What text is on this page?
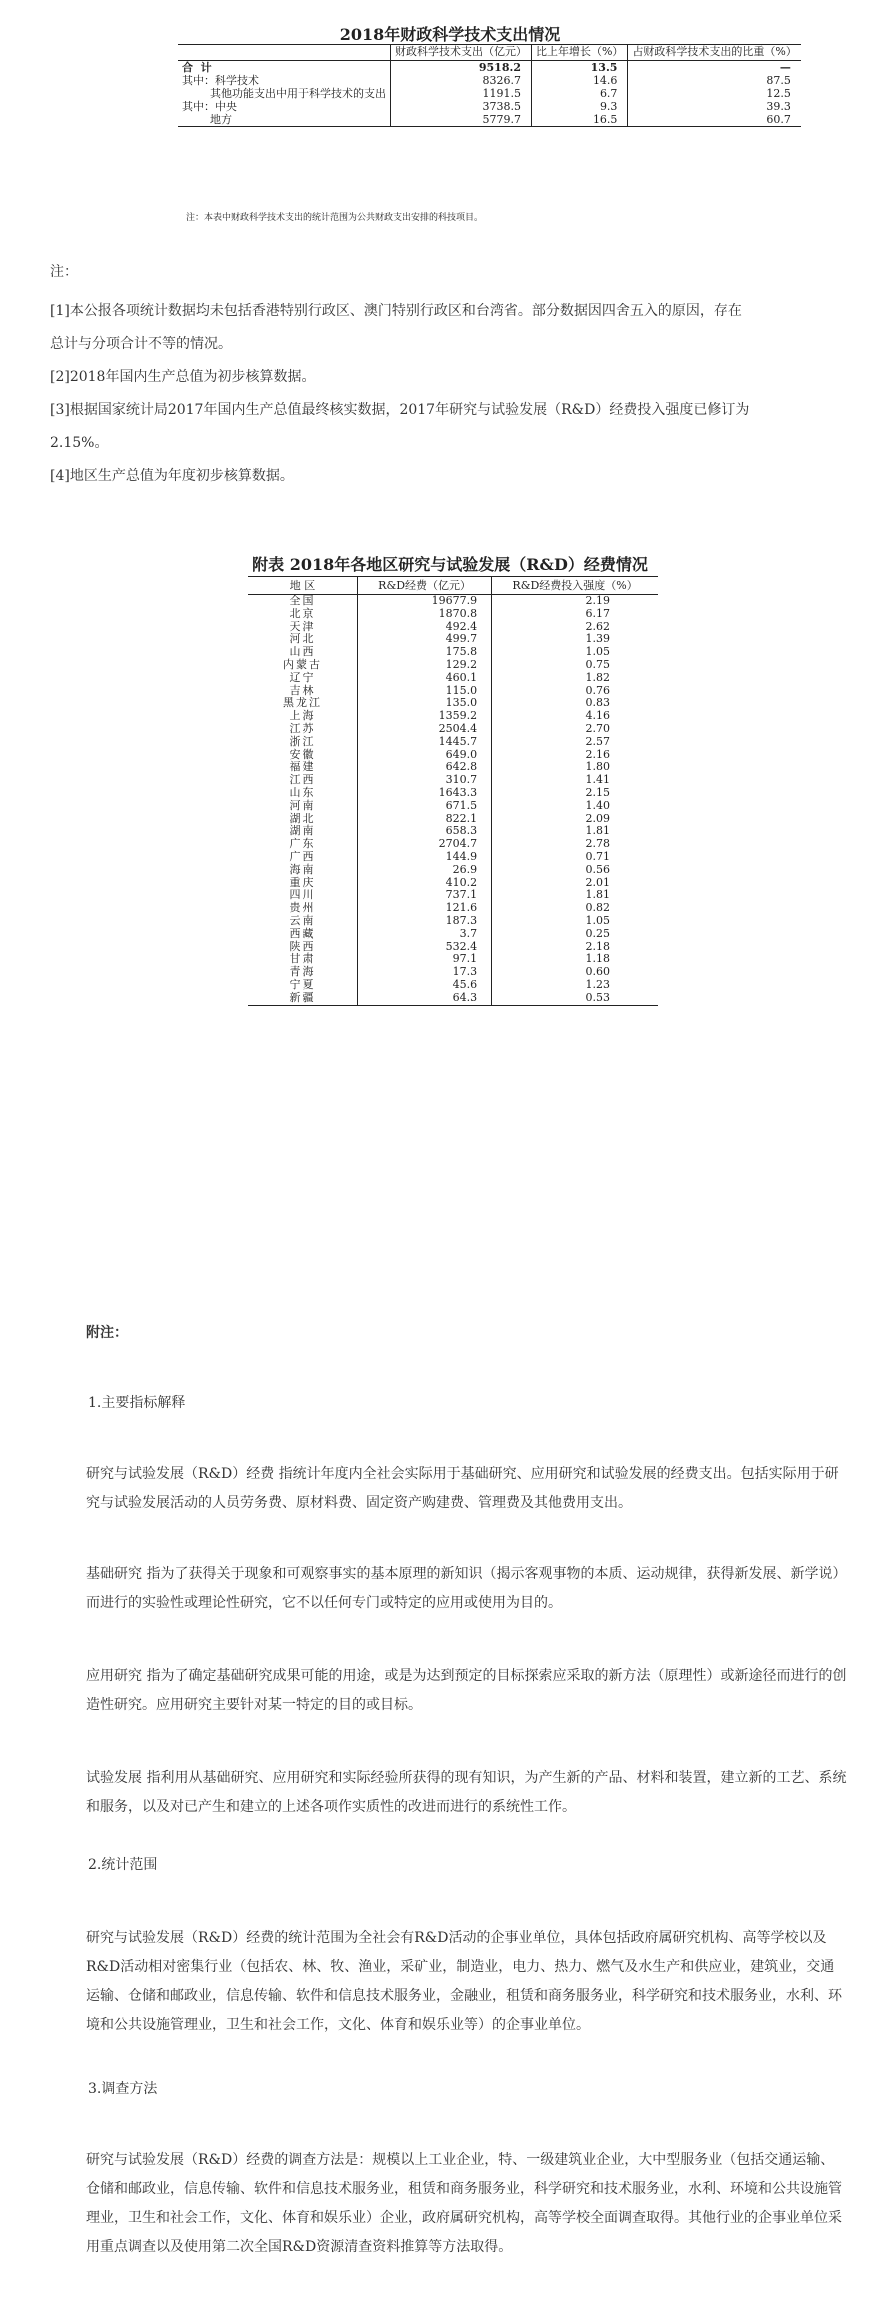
2018年财政科学技术支出情况
	财政科学技术支出（亿元）	比上年增长（%）	占财政科学技术支出的比重（%）
合  计	9518.2	13.5	—
其中：科学技术	8326.7	14.6	87.5
其他功能支出中用于科学技术的支出	1191.5	6.7	12.5
其中：中央	3738.5	9.3	39.3
地方	5779.7	16.5	60.7
注：本表中财政科学技术支出的统计范围为公共财政支出安排的科技项目。
注：
[1]本公报各项统计数据均未包括香港特别行政区、澳门特别行政区和台湾省。部分数据因四舍五入的原因，存在
总计与分项合计不等的情况。
[2]2018年国内生产总值为初步核算数据。
[3]根据国家统计局2017年国内生产总值最终核实数据，2017年研究与试验发展（R&D）经费投入强度已修订为
2.15%。
[4]地区生产总值为年度初步核算数据。
附表 2018年各地区研究与试验发展（R&D）经费情况
地 区	R&D经费（亿元）	R&D经费投入强度（%）
全国	19677.9	2.19
北京	1870.8	6.17
天津	492.4	2.62
河北	499.7	1.39
山西	175.8	1.05
内蒙古	129.2	0.75
辽宁	460.1	1.82
吉林	115.0	0.76
黑龙江	135.0	0.83
上海	1359.2	4.16
江苏	2504.4	2.70
浙江	1445.7	2.57
安徽	649.0	2.16
福建	642.8	1.80
江西	310.7	1.41
山东	1643.3	2.15
河南	671.5	1.40
湖北	822.1	2.09
湖南	658.3	1.81
广东	2704.7	2.78
广西	144.9	0.71
海南	26.9	0.56
重庆	410.2	2.01
四川	737.1	1.81
贵州	121.6	0.82
云南	187.3	1.05
西藏	3.7	0.25
陕西	532.4	2.18
甘肃	97.1	1.18
青海	17.3	0.60
宁夏	45.6	1.23
新疆	64.3	0.53
附注：
1.主要指标解释
研究与试验发展（R&D）经费 指统计年度内全社会实际用于基础研究、应用研究和试验发展的经费支出。包括实际用于研究与试验发展活动的人员劳务费、原材料费、固定资产购建费、管理费及其他费用支出。
基础研究 指为了获得关于现象和可观察事实的基本原理的新知识（揭示客观事物的本质、运动规律，获得新发展、新学说）而进行的实验性或理论性研究，它不以任何专门或特定的应用或使用为目的。
应用研究 指为了确定基础研究成果可能的用途，或是为达到预定的目标探索应采取的新方法（原理性）或新途径而进行的创造性研究。应用研究主要针对某一特定的目的或目标。
试验发展 指利用从基础研究、应用研究和实际经验所获得的现有知识，为产生新的产品、材料和装置，建立新的工艺、系统和服务，以及对已产生和建立的上述各项作实质性的改进而进行的系统性工作。
2.统计范围
研究与试验发展（R&D）经费的统计范围为全社会有R&D活动的企事业单位，具体包括政府属研究机构、高等学校以及R&D活动相对密集行业（包括农、林、牧、渔业，采矿业，制造业，电力、热力、燃气及水生产和供应业，建筑业，交通运输、仓储和邮政业，信息传输、软件和信息技术服务业，金融业，租赁和商务服务业，科学研究和技术服务业，水利、环境和公共设施管理业，卫生和社会工作，文化、体育和娱乐业等）的企事业单位。
3.调查方法
研究与试验发展（R&D）经费的调查方法是：规模以上工业企业，特、一级建筑业企业，大中型服务业（包括交通运输、仓储和邮政业，信息传输、软件和信息技术服务业，租赁和商务服务业，科学研究和技术服务业，水利、环境和公共设施管理业，卫生和社会工作，文化、体育和娱乐业）企业，政府属研究机构，高等学校全面调查取得。其他行业的企事业单位采用重点调查以及使用第二次全国R&D资源清查资料推算等方法取得。
